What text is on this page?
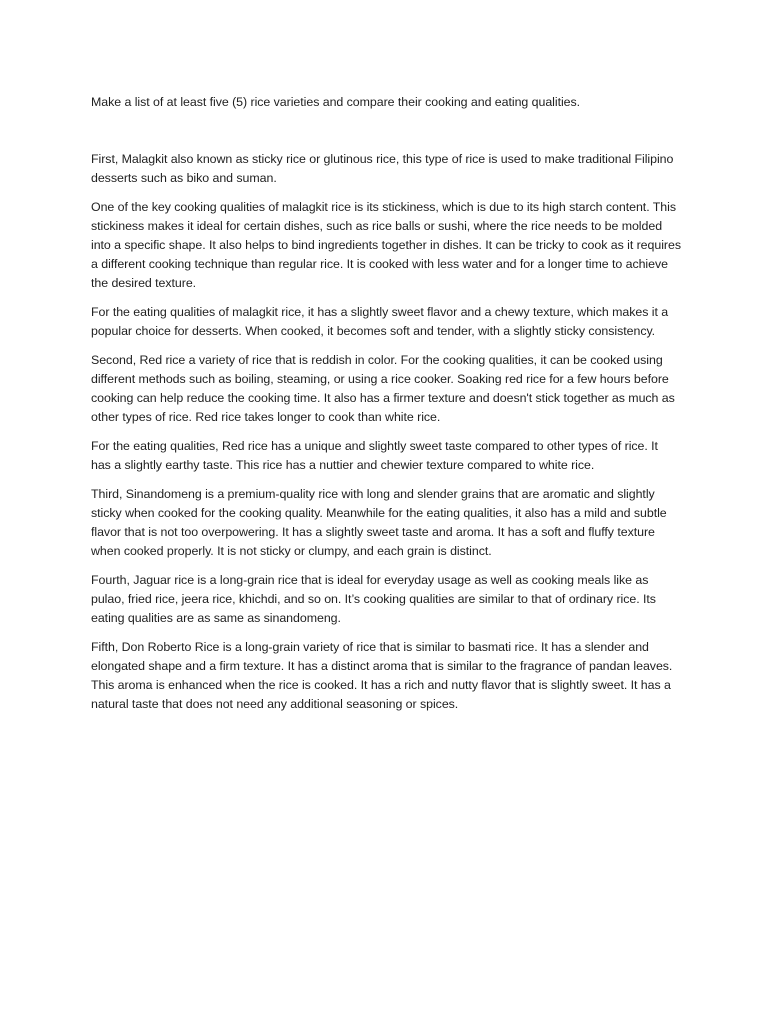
Make a list of at least five (5) rice varieties and compare their cooking and eating qualities.

First, Malagkit also known as sticky rice or glutinous rice, this type of rice is used to make traditional Filipino desserts such as biko and suman.

One of the key cooking qualities of malagkit rice is its stickiness, which is due to its high starch content. This stickiness makes it ideal for certain dishes, such as rice balls or sushi, where the rice needs to be molded into a specific shape. It also helps to bind ingredients together in dishes. It can be tricky to cook as it requires a different cooking technique than regular rice. It is cooked with less water and for a longer time to achieve the desired texture.

For the eating qualities of malagkit rice, it has a slightly sweet flavor and a chewy texture, which makes it a popular choice for desserts. When cooked, it becomes soft and tender, with a slightly sticky consistency.

Second, Red rice a variety of rice that is reddish in color. For the cooking qualities, it can be cooked using different methods such as boiling, steaming, or using a rice cooker. Soaking red rice for a few hours before cooking can help reduce the cooking time. It also has a firmer texture and doesn't stick together as much as other types of rice. Red rice takes longer to cook than white rice.

For the eating qualities, Red rice has a unique and slightly sweet taste compared to other types of rice. It has a slightly earthy taste. This rice has a nuttier and chewier texture compared to white rice.

Third, Sinandomeng is a premium-quality rice with long and slender grains that are aromatic and slightly sticky when cooked for the cooking quality. Meanwhile for the eating qualities, it also has a mild and subtle flavor that is not too overpowering. It has a slightly sweet taste and aroma. It has a soft and fluffy texture when cooked properly. It is not sticky or clumpy, and each grain is distinct.

Fourth, Jaguar rice is a long-grain rice that is ideal for everyday usage as well as cooking meals like as pulao, fried rice, jeera rice, khichdi, and so on. It’s cooking qualities are similar to that of ordinary rice. Its eating qualities are as same as sinandomeng.

Fifth, Don Roberto Rice is a long-grain variety of rice that is similar to basmati rice. It has a slender and elongated shape and a firm texture. It has a distinct aroma that is similar to the fragrance of pandan leaves. This aroma is enhanced when the rice is cooked. It has a rich and nutty flavor that is slightly sweet. It has a natural taste that does not need any additional seasoning or spices.
